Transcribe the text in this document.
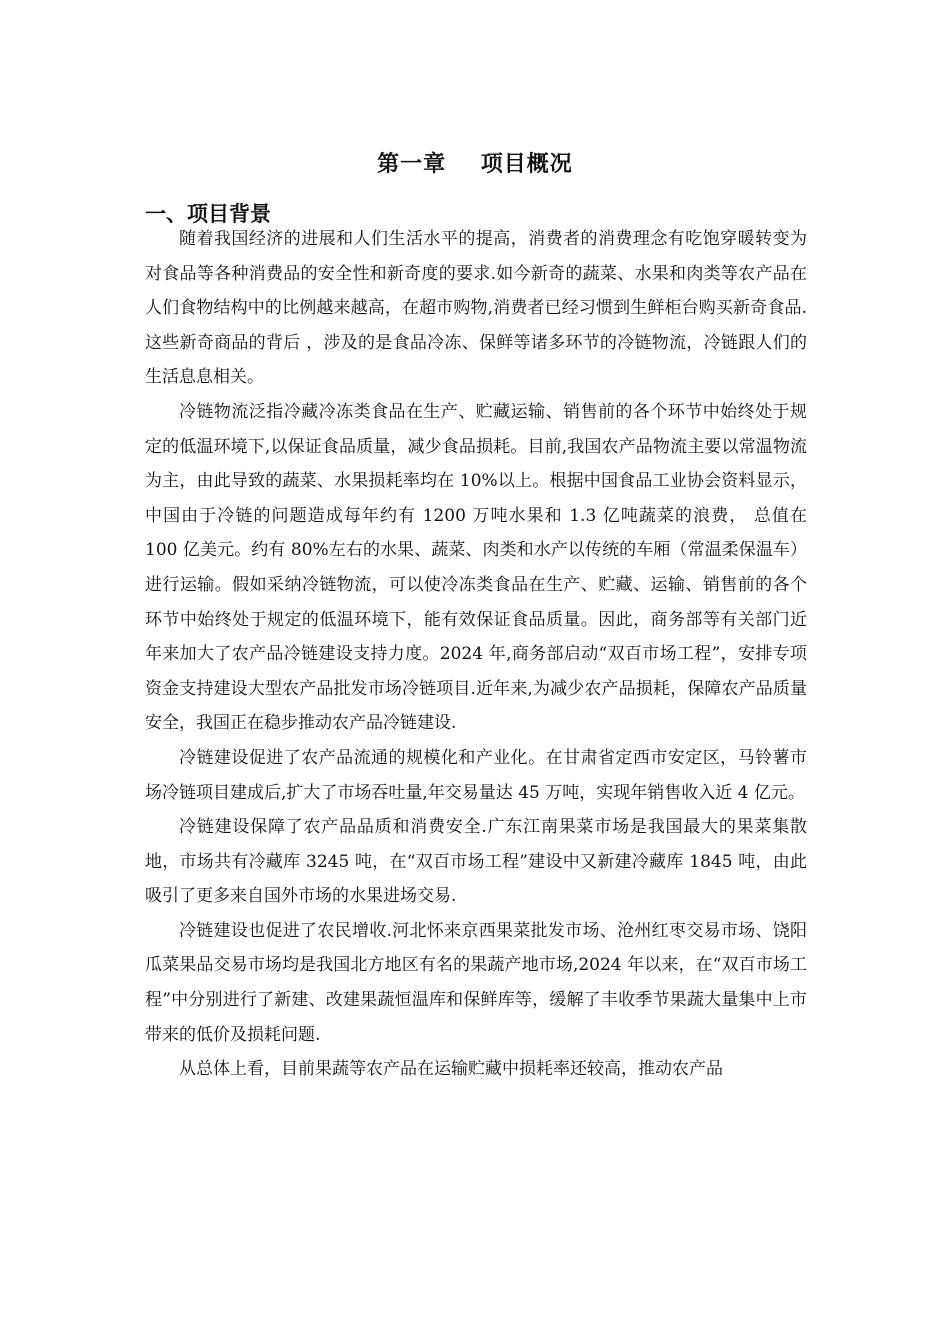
第一章    项目概况
一、项目背景

随着我国经济的进展和人们生活水平的提高，消费者的消费理念有吃饱穿暖转变为对食品等各种消费品的安全性和新奇度的要求.如今新奇的蔬菜、水果和肉类等农产品在人们食物结构中的比例越来越高，在超市购物,消费者已经习惯到生鲜柜台购买新奇食品.这些新奇商品的背后 ，涉及的是食品冷冻、保鲜等诸多环节的冷链物流，冷链跟人们的生活息息相关。

冷链物流泛指冷藏冷冻类食品在生产、贮藏运输、销售前的各个环节中始终处于规定的低温环境下,以保证食品质量，减少食品损耗。目前,我国农产品物流主要以常温物流为主，由此导致的蔬菜、水果损耗率均在 10%以上。根据中国食品工业协会资料显示， 中国由于冷链的问题造成每年约有 1200 万吨水果和 1.3 亿吨蔬菜的浪费， 总值在 100 亿美元。约有 80%左右的水果、蔬菜、肉类和水产以传统的车厢（常温柔保温车）进行运输。假如采纳冷链物流，可以使冷冻类食品在生产、贮藏、运输、销售前的各个环节中始终处于规定的低温环境下，能有效保证食品质量。因此，商务部等有关部门近年来加大了农产品冷链建设支持力度。2024 年,商务部启动“双百市场工程”，安排专项资金支持建设大型农产品批发市场冷链项目.近年来,为减少农产品损耗，保障农产品质量安全，我国正在稳步推动农产品冷链建设.

冷链建设促进了农产品流通的规模化和产业化。在甘肃省定西市安定区，马铃薯市场冷链项目建成后,扩大了市场吞吐量,年交易量达 45 万吨，实现年销售收入近 4 亿元。

冷链建设保障了农产品品质和消费安全.广东江南果菜市场是我国最大的果菜集散地，市场共有冷藏库 3245 吨，在“双百市场工程”建设中又新建冷藏库 1845 吨，由此吸引了更多来自国外市场的水果进场交易.

冷链建设也促进了农民增收.河北怀来京西果菜批发市场、沧州红枣交易市场、饶阳瓜菜果品交易市场均是我国北方地区有名的果蔬产地市场,2024 年以来，在“双百市场工程”中分别进行了新建、改建果蔬恒温库和保鲜库等，缓解了丰收季节果蔬大量集中上市带来的低价及损耗问题.

从总体上看，目前果蔬等农产品在运输贮藏中损耗率还较高，推动农产品
